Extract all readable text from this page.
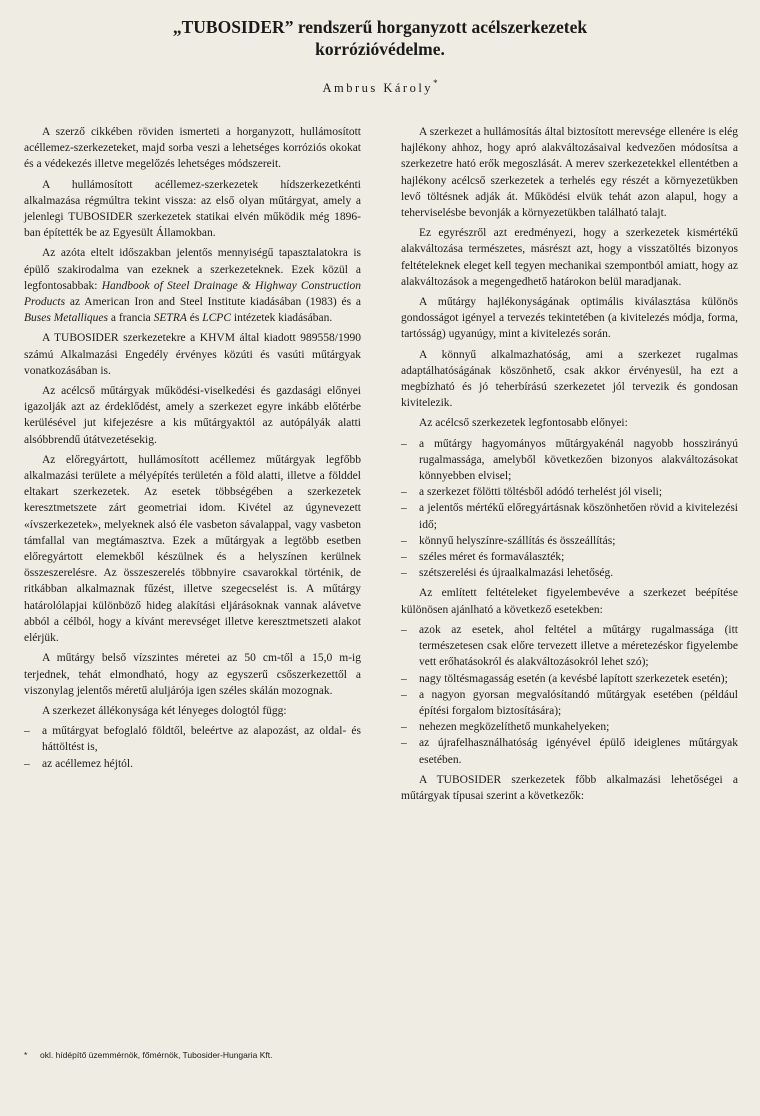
„TUBOSIDER” rendszerű horganyzott acélszerkezetek
korrózióvédelme.
Ambrus Károly*

A szerző cikkében röviden ismerteti a horganyzott, hullámosított acéllemez-szerkezeteket, majd sorba veszi a lehetséges korróziós okokat és a védekezés illetve megelőzés lehetséges módszereit.

A hullámosított acéllemez-szerkezetek hídszerkezetkénti alkalmazása régmúltra tekint vissza: az első olyan műtárgyat, amely a jelenlegi TUBOSIDER szerkezetek statikai elvén működik még 1896-ban építették be az Egyesült Államokban.

Az azóta eltelt időszakban jelentős mennyiségű tapasztalatokra is épülő szakirodalma van ezeknek a szerkezeteknek. Ezek közül a legfontosabbak: Handbook of Steel Drainage & Highway Construction Products az American Iron and Steel Institute kiadásában (1983) és a Buses Metalliques a francia SETRA és LCPC intézetek kiadásában.

A TUBOSIDER szerkezetekre a KHVM által kiadott 989558/1990 számú Alkalmazási Engedély érvényes közúti és vasúti műtárgyak vonatkozásában is.

Az acélcső műtárgyak működési-viselkedési és gazdasági előnyei igazolják azt az érdeklődést, amely a szerkezet egyre inkább előtérbe kerülésével jut kifejezésre a kis műtárgyaktól az autópályák alatti alsóbbrendű útátvezetésekig.

Az előregyártott, hullámosított acéllemez műtárgyak legfőbb alkalmazási területe a mélyépítés területén a föld alatti, illetve a földdel eltakart szerkezetek. Az esetek többségében a szerkezetek keresztmetszete zárt geometriai idom. Kivétel az úgynevezett «ívszerkezetek», melyeknek alsó éle vasbeton sávalappal, vagy vasbeton támfallal van megtámasztva. Ezek a műtárgyak a legtöbb esetben előregyártott elemekből készülnek és a helyszínen kerülnek összeszerelésre. Az összeszerelés többnyire csavarokkal történik, de ritkábban alkalmaznak fűzést, illetve szegecselést is. A műtárgy határolólapjai különböző hideg alakítási eljárásoknak vannak alávetve abból a célból, hogy a kívánt merevséget illetve keresztmetszeti alakot elérjük.

A műtárgy belső vízszintes méretei az 50 cm-től a 15,0 m-ig terjednek, tehát elmondható, hogy az egyszerű csőszerkezettől a viszonylag jelentős méretű aluljárója igen széles skálán mozognak.

A szerkezet állékonysága két lényeges dologtól függ:

– a műtárgyat befoglaló földtől, beleértve az alapozást, az oldal- és háttöltést is,
– az acéllemez héjtól.

A szerkezet a hullámosítás által biztosított merevsége ellenére is elég hajlékony ahhoz, hogy apró alakváltozásaival kedvezően módosítsa a szerkezetre ható erők megoszlását. A merev szerkezetekkel ellentétben a hajlékony acélcső szerkezetek a terhelés egy részét a környezetükben levő töltésnek adják át. Működési elvük tehát azon alapul, hogy a teherviselésbe bevonják a környezetükben található talajt.

Ez egyrészről azt eredményezi, hogy a szerkezetek kismértékű alakváltozása természetes, másrészt azt, hogy a visszatöltés bizonyos feltételeknek eleget kell tegyen mechanikai szempontból amiatt, hogy az alakváltozások a megengedhető határokon belül maradjanak.

A műtárgy hajlékonyságának optimális kiválasztása különös gondosságot igényel a tervezés tekintetében (a kivitelezés módja, forma, tartósság) ugyanúgy, mint a kivitelezés során.

A könnyű alkalmazhatóság, ami a szerkezet rugalmas adaptálhatóságának köszönhető, csak akkor érvényesül, ha ezt a megbízható és jó teherbírású szerkezetet jól tervezik és gondosan kivitelezik.

Az acélcső szerkezetek legfontosabb előnyei:

– a műtárgy hagyományos műtárgyakénál nagyobb hosszirányú rugalmassága, amelyből következően bizonyos alakváltozásokat könnyebben elvisel;
– a szerkezet fölötti töltésből adódó terhelést jól viseli;
– a jelentős mértékű előregyártásnak köszönhetően rövid a kivitelezési idő;
– könnyű helyszínre-szállítás és összeállítás;
– széles méret és formaválaszték;
– szétszerelési és újraalkalmazási lehetőség.

Az említett feltételeket figyelembevéve a szerkezet beépítése különösen ajánlható a következő esetekben:

– azok az esetek, ahol feltétel a műtárgy rugalmassága (itt természetesen csak előre tervezett illetve a méretezéskor figyelembe vett erőhatásokról és alakváltozásokról lehet szó);
– nagy töltésmagasság esetén (a kevésbé lapított szerkezetek esetén);
– a nagyon gyorsan megvalósítandó műtárgyak esetében (például építési forgalom biztosítására);
– nehezen megközelíthető munkahelyeken;
– az újrafelhasználhatóság igényével épülő ideiglenes műtárgyak esetében.

A TUBOSIDER szerkezetek főbb alkalmazási lehetőségei a műtárgyak típusai szerint a következők:

* okl. hídépítő üzemmérnök, főmérnök, Tubosider-Hungaria Kft.
